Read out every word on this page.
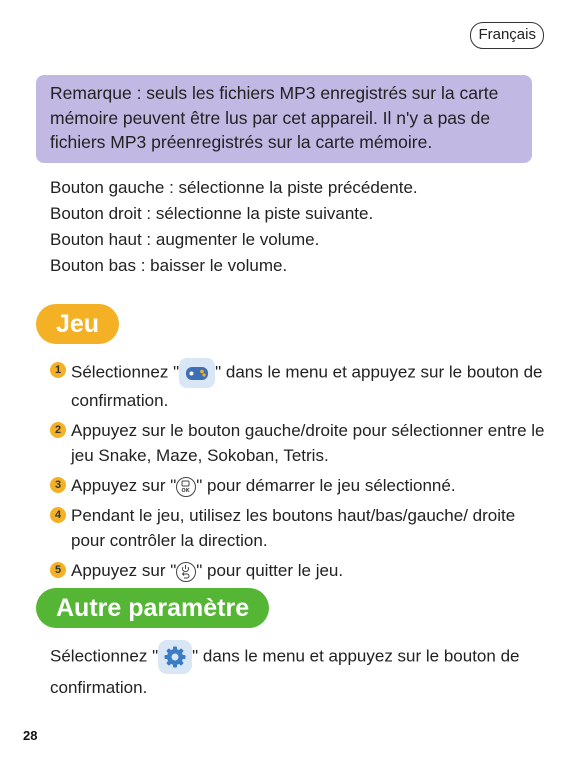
Français
Remarque : seuls les fichiers MP3 enregistrés sur la carte mémoire peuvent être lus par cet appareil. Il n'y a pas de fichiers MP3 préenregistrés sur la carte mémoire.
Bouton gauche : sélectionne la piste précédente.
Bouton droit : sélectionne la piste suivante.
Bouton haut : augmenter le volume.
Bouton bas : baisser le volume.
Jeu
1 Sélectionnez " " dans le menu et appuyez sur le bouton de confirmation.
2 Appuyez sur le bouton gauche/droite pour sélectionner entre le jeu Snake, Maze, Sokoban, Tetris.
3 Appuyez sur " OK " pour démarrer le jeu sélectionné.
4 Pendant le jeu, utilisez les boutons haut/bas/gauche/ droite pour contrôler la direction.
5 Appuyez sur " " pour quitter le jeu.
Autre paramètre
Sélectionnez " " dans le menu et appuyez sur le bouton de confirmation.
28
